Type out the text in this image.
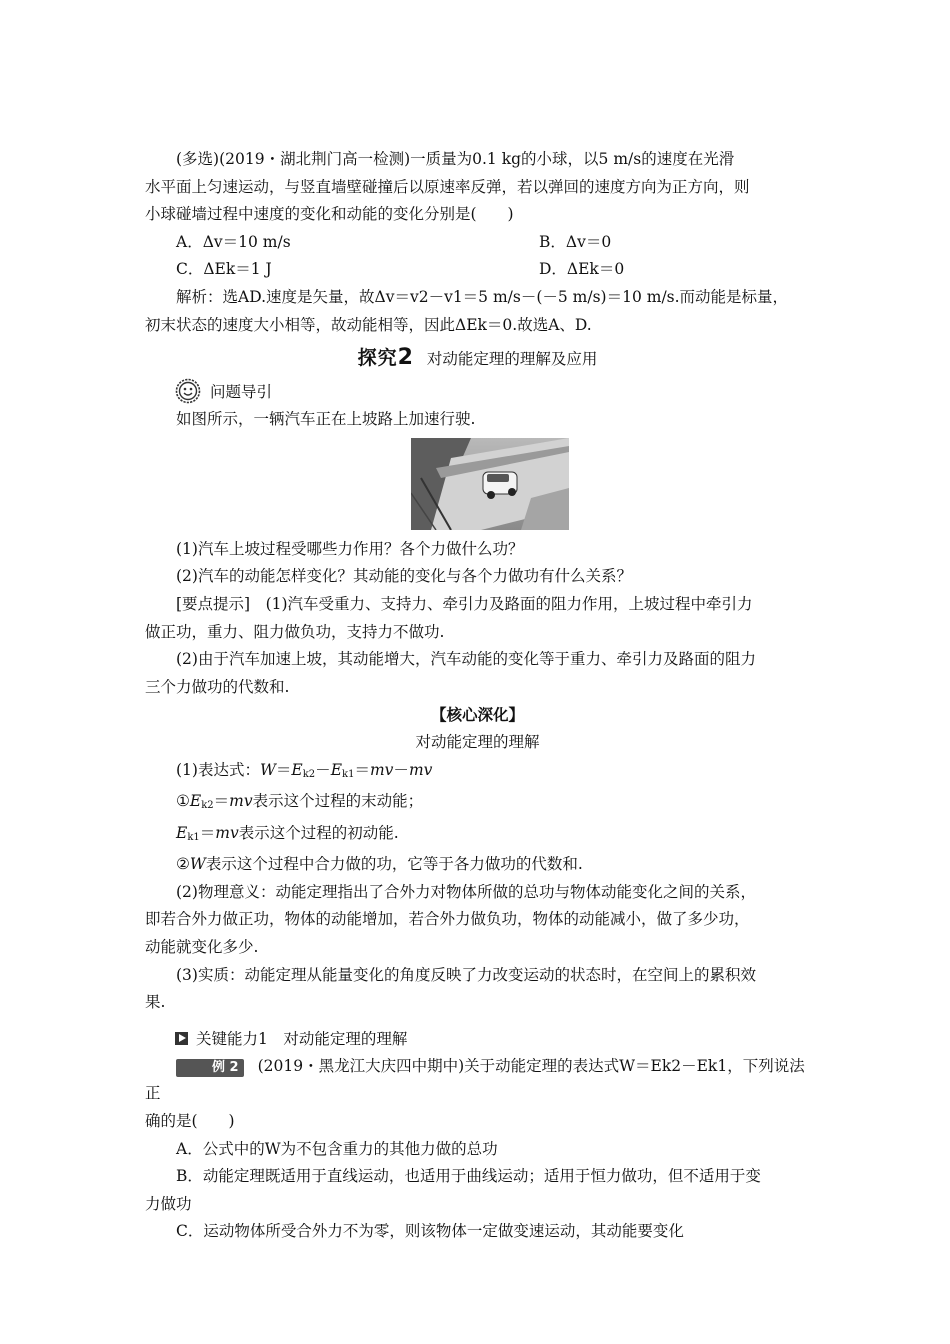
(多选)(2019・湖北荆门高一检测)一质量为0.1 kg的小球，以5 m/s的速度在光滑

水平面上匀速运动，与竖直墙壁碰撞后以原速率反弹，若以弹回的速度方向为正方向，则

小球碰墙过程中速度的变化和动能的变化分别是(　　)

A．Δv＝10 m/s	B．Δv＝0
C．ΔEk＝1 J	D．ΔEk＝0

解析：选AD.速度是矢量，故Δv＝v2－v1＝5 m/s－(－5 m/s)＝10 m/s.而动能是标量，

初末状态的速度大小相等，故动能相等，因此ΔEk＝0.故选A、D.

探究 2 对动能定理的理解及应用
问题导引

如图所示，一辆汽车正在上坡路上加速行驶.

(1)汽车上坡过程受哪些力作用？各个力做什么功？

(2)汽车的动能怎样变化？其动能的变化与各个力做功有什么关系？

[要点提示]　(1)汽车受重力、支持力、牵引力及路面的阻力作用，上坡过程中牵引力

做正功，重力、阻力做负功，支持力不做功.

(2)由于汽车加速上坡，其动能增大，汽车动能的变化等于重力、牵引力及路面的阻力

三个力做功的代数和.

【核心深化】
对动能定理的理解

(1)表达式：$W=E_{k2}-E_{k1}=mv-mv$

$①E_{k2}=mv$表示这个过程的末动能；

$E_{k1}=mv$表示这个过程的初动能.

②W表示这个过程中合力做的功，它等于各力做功的代数和.

(2)物理意义：动能定理指出了合外力对物体所做的总功与物体动能变化之间的关系，

即若合外力做正功，物体的动能增加，若合外力做负功，物体的动能减小，做了多少功，

动能就变化多少.

(3)实质：动能定理从能量变化的角度反映了力改变运动的状态时，在空间上的累积效

果.

关键能力1　对动能定理的理解

例 2 (2019・黑龙江大庆四中期中)关于动能定理的表达式W＝Ek2－Ek1，下列说法正

确的是(　　)

A．公式中的W为不包含重力的其他力做的总功

B．动能定理既适用于直线运动，也适用于曲线运动；适用于恒力做功，但不适用于变

力做功

C．运动物体所受合外力不为零，则该物体一定做变速运动，其动能要变化
